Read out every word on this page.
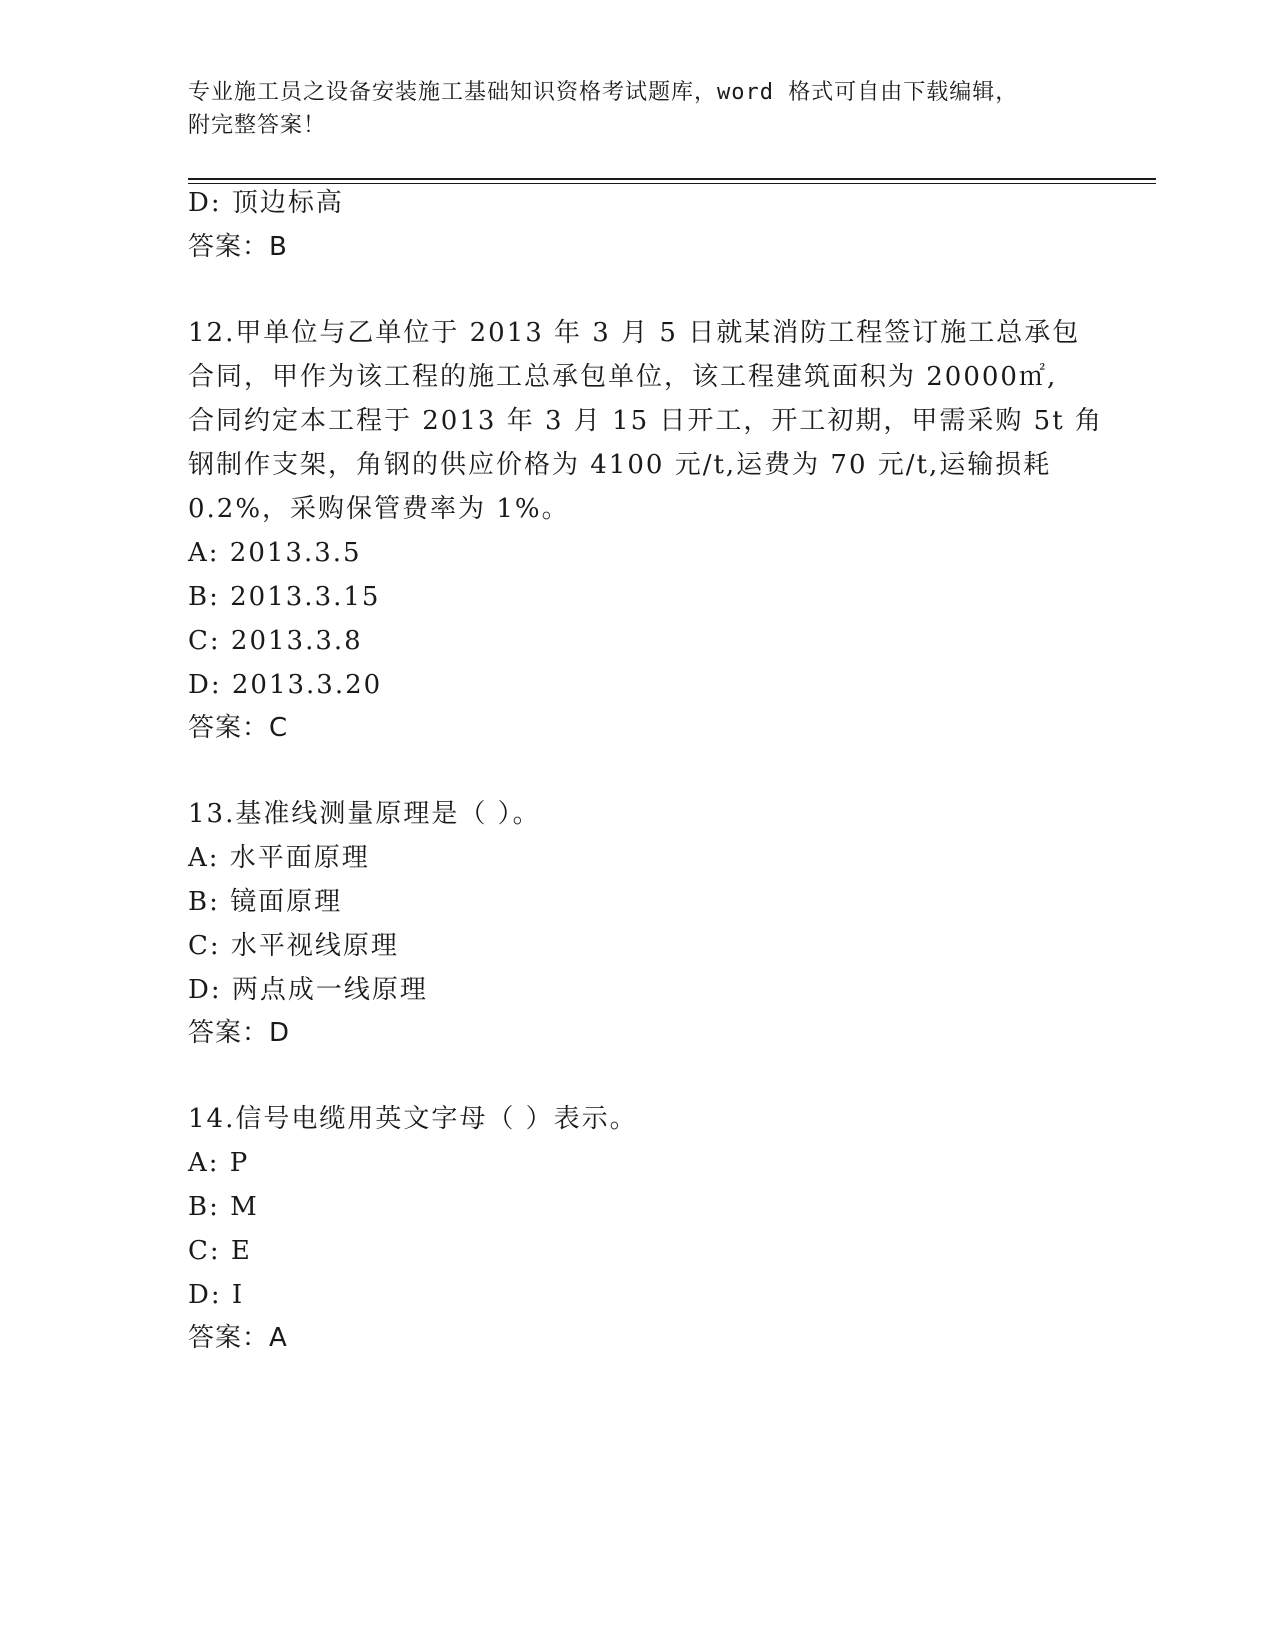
专业施工员之设备安装施工基础知识资格考试题库，word 格式可自由下载编辑，
附完整答案！
D: 顶边标高
答案：B
12.甲单位与乙单位于 2013 年 3 月 5 日就某消防工程签订施工总承包
合同，甲作为该工程的施工总承包单位，该工程建筑面积为 20000㎡,
合同约定本工程于 2013 年 3 月 15 日开工，开工初期，甲需采购 5t 角
钢制作支架，角钢的供应价格为 4100 元/t,运费为 70 元/t,运输损耗
0.2%，采购保管费率为 1%。
A: 2013.3.5
B: 2013.3.15
C: 2013.3.8
D: 2013.3.20
答案：C
13.基准线测量原理是（ ）。
A: 水平面原理
B: 镜面原理
C: 水平视线原理
D: 两点成一线原理
答案：D
14.信号电缆用英文字母（ ）表示。
A: P
B: M
C: E
D: I
答案：A
